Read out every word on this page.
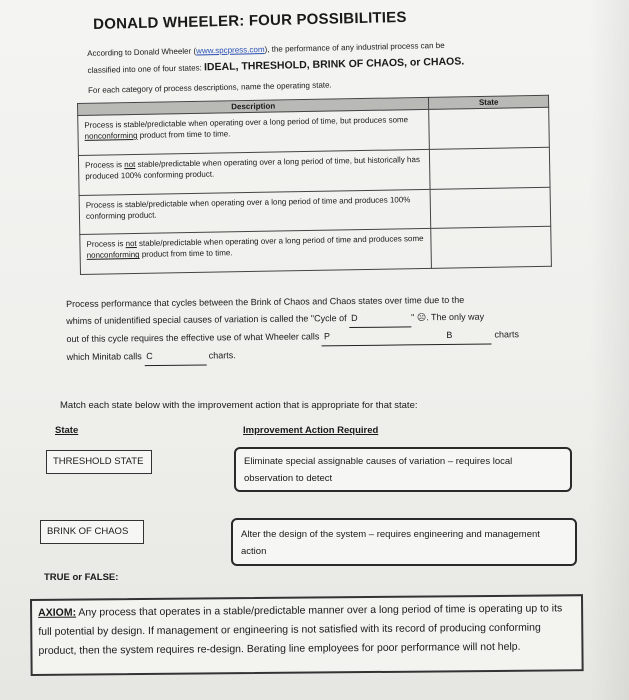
DONALD WHEELER: FOUR POSSIBILITIES
According to Donald Wheeler (www.spcpress.com), the performance of any industrial process can be
classified into one of four states: IDEAL, THRESHOLD, BRINK OF CHAOS, or CHAOS.
For each category of process descriptions, name the operating state.
Description	State
Process is stable/predictable when operating over a long period of time, but produces some nonconforming product from time to time.	
Process is not stable/predictable when operating over a long period of time, but historically has produced 100% conforming product.	
Process is stable/predictable when operating over a long period of time and produces 100% conforming product.	
Process is not stable/predictable when operating over a long period of time and produces some nonconforming product from time to time.	
Process performance that cycles between the Brink of Chaos and Chaos states over time due to the
whims of unidentified special causes of variation is called the "Cycle of D	" ☹. The only way
out of this cycle requires the effective use of what Wheeler calls P	B	charts
which Minitab calls C	charts.
Match each state below with the improvement action that is appropriate for that state:
State	Improvement Action Required
THRESHOLD STATE	Eliminate special assignable causes of variation – requires local observation to detect
BRINK OF CHAOS	Alter the design of the system – requires engineering and management action
TRUE or FALSE:
AXIOM: Any process that operates in a stable/predictable manner over a long period of time is operating up to its full potential by design. If management or engineering is not satisfied with its record of producing conforming product, then the system requires re-design. Berating line employees for poor performance will not help.
